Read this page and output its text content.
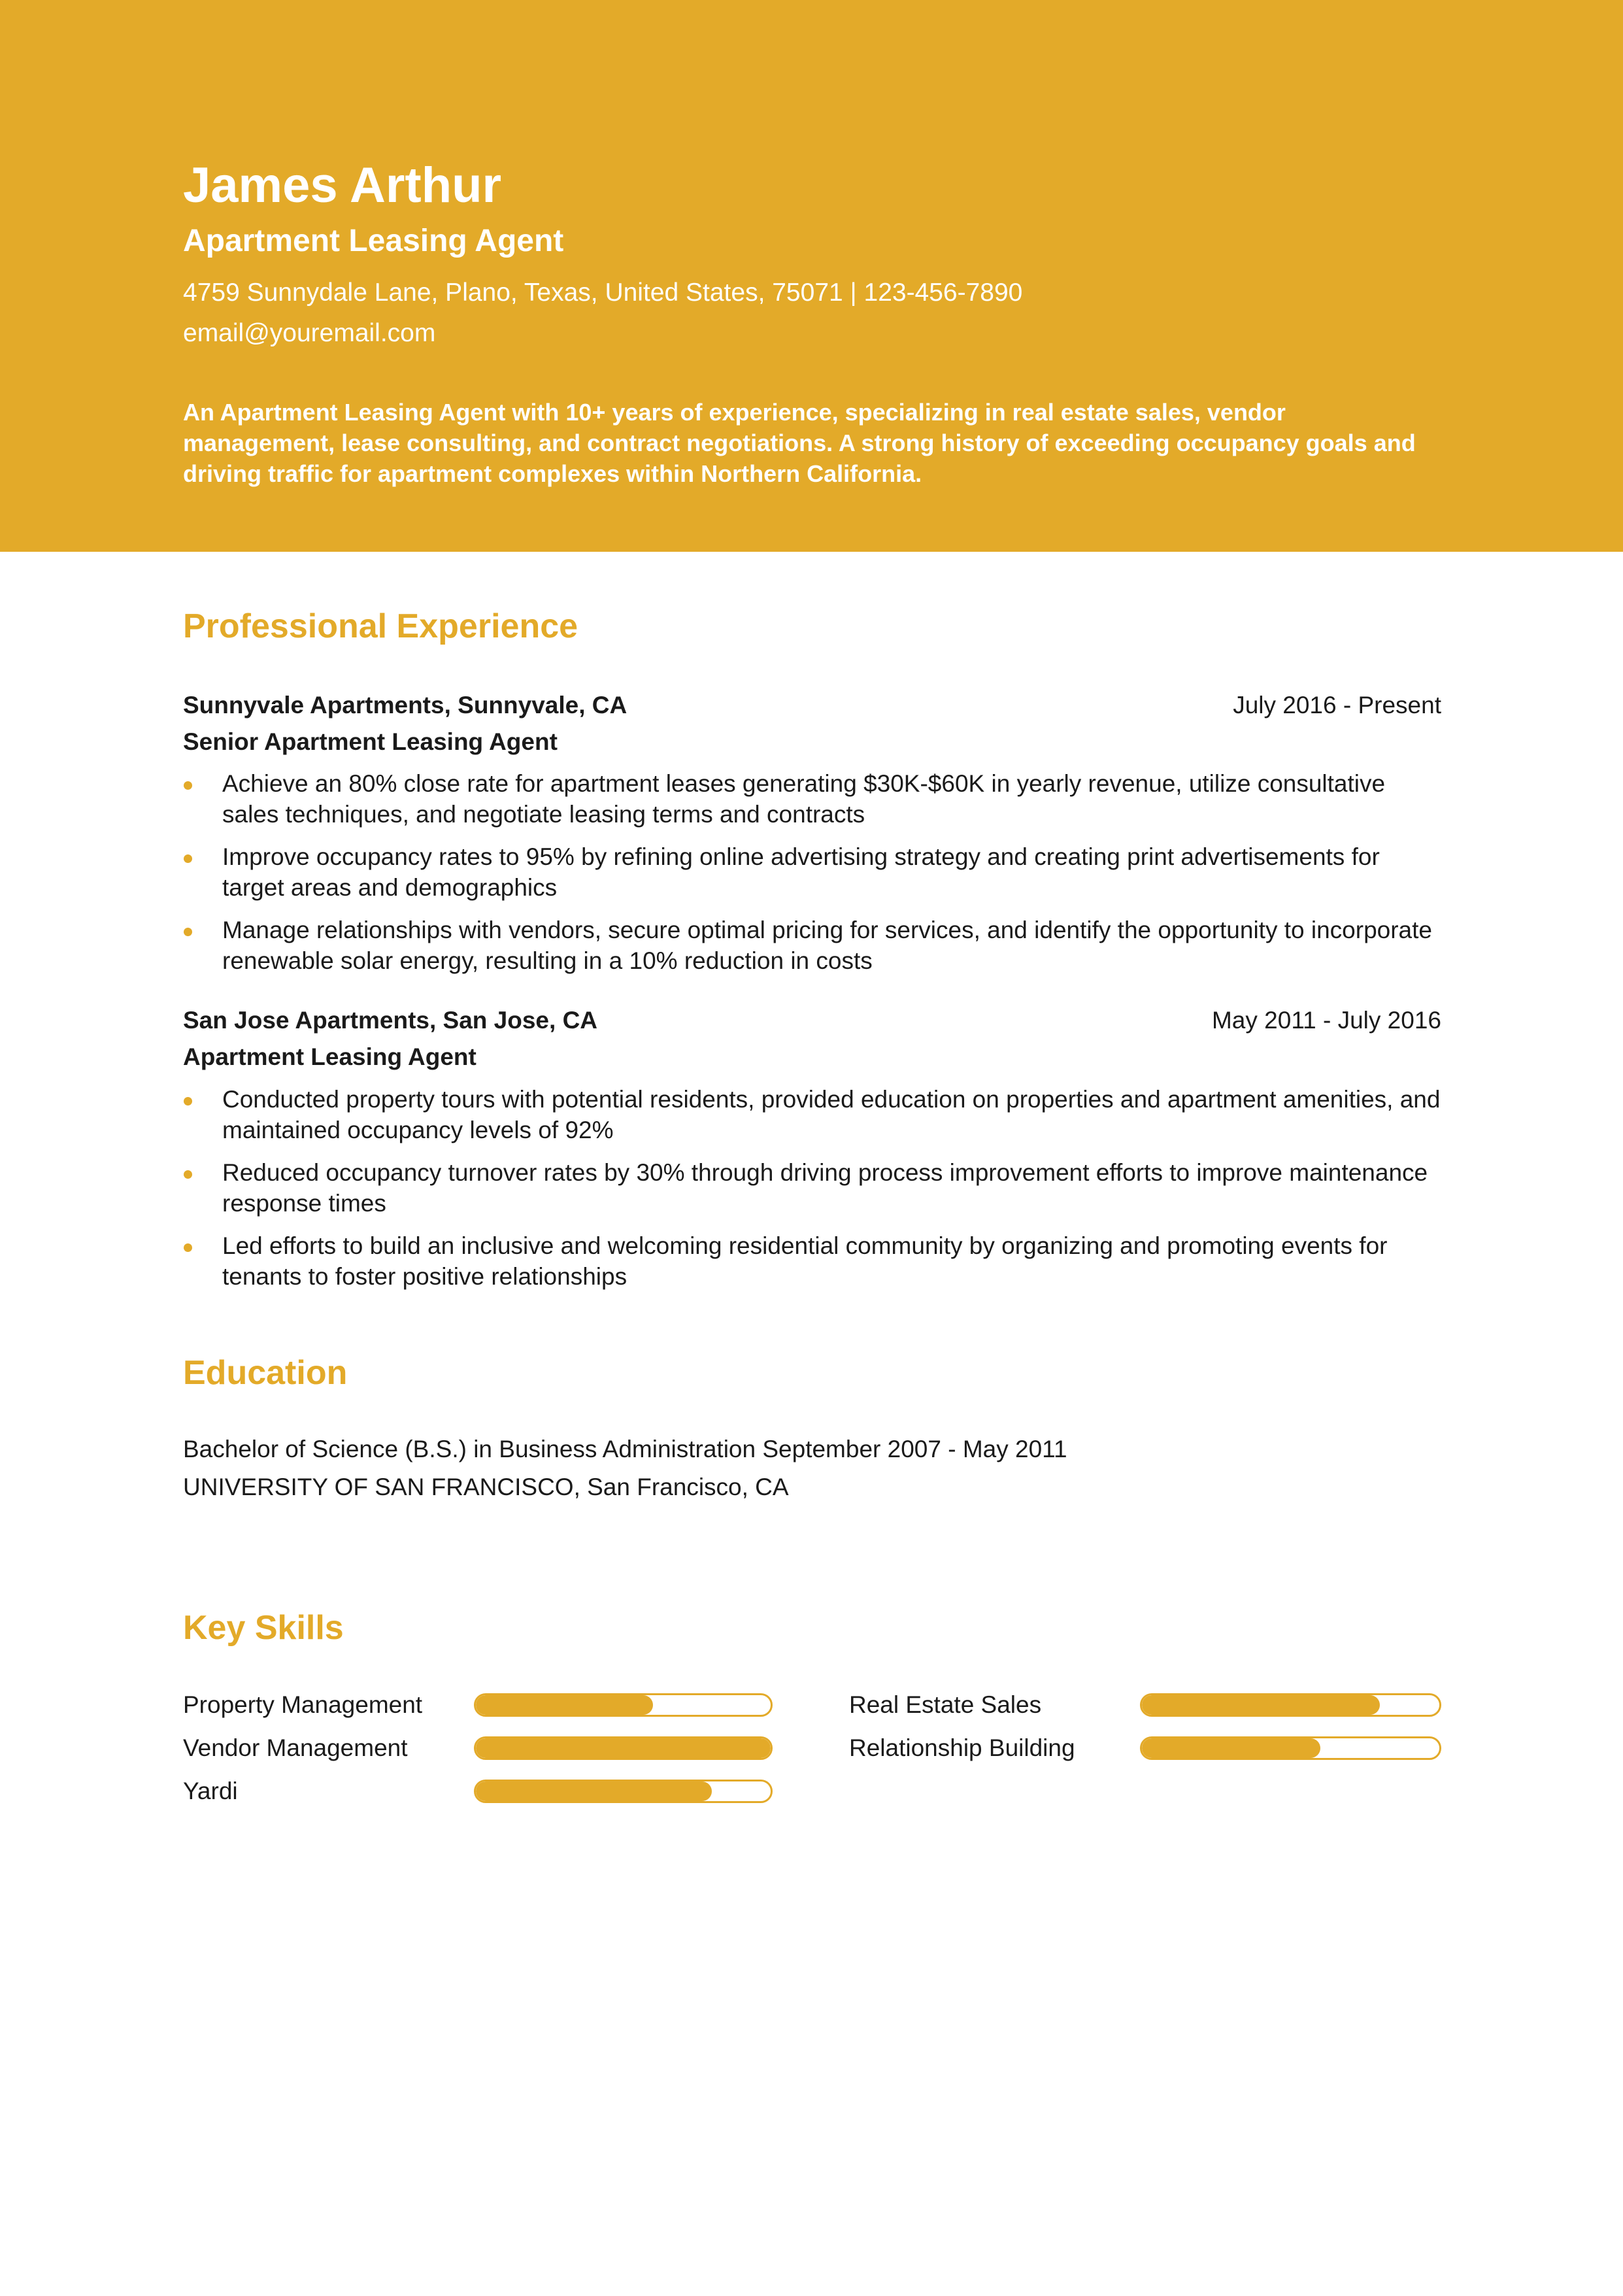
James Arthur
Apartment Leasing Agent
4759 Sunnydale Lane, Plano, Texas, United States, 75071 | 123-456-7890
email@youremail.com
An Apartment Leasing Agent with 10+ years of experience, specializing in real estate sales, vendor management, lease consulting, and contract negotiations. A strong history of exceeding occupancy goals and driving traffic for apartment complexes within Northern California.
Professional Experience
Sunnyvale Apartments, Sunnyvale, CA	July 2016 - Present
Senior Apartment Leasing Agent
Achieve an 80% close rate for apartment leases generating $30K-$60K in yearly revenue, utilize consultative sales techniques, and negotiate leasing terms and contracts
Improve occupancy rates to 95% by refining online advertising strategy and creating print advertisements for target areas and demographics
Manage relationships with vendors, secure optimal pricing for services, and identify the opportunity to incorporate renewable solar energy, resulting in a 10% reduction in costs
San Jose Apartments, San Jose, CA	May 2011 - July 2016
Apartment Leasing Agent
Conducted property tours with potential residents, provided education on properties and apartment amenities, and maintained occupancy levels of 92%
Reduced occupancy turnover rates by 30% through driving process improvement efforts to improve maintenance response times
Led efforts to build an inclusive and welcoming residential community by organizing and promoting events for tenants to foster positive relationships
Education
Bachelor of Science (B.S.) in Business Administration September 2007 - May 2011
UNIVERSITY OF SAN FRANCISCO, San Francisco, CA
Key Skills
Property Management	Real Estate Sales
Vendor Management	Relationship Building
Yardi
